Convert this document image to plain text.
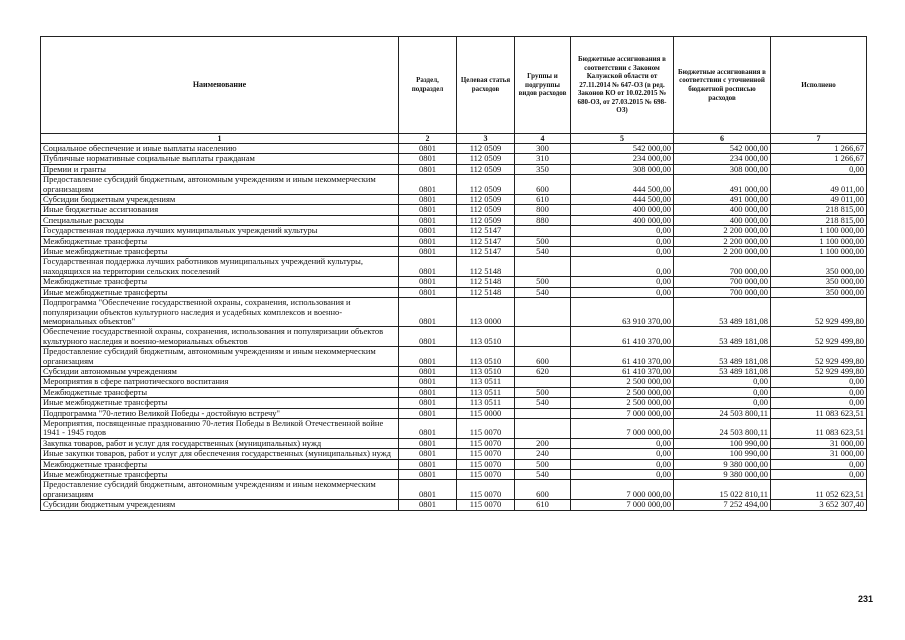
Наименование	Раздел, подраздел	Целевая статья расходов	Группы и подгруппы видов расходов	Бюджетные ассигнования в соответствии с Законом Калужской области от 27.11.2014 № 647-ОЗ (в ред. Законов КО от 10.02.2015 № 680-ОЗ, от 27.03.2015 № 698-ОЗ)	Бюджетные ассигнования в соответствии с уточненной бюджетной росписью расходов	Исполнено
1	2	3	4	5	6	7
Социальное обеспечение и иные выплаты населению	0801	112 0509	300	542 000,00	542 000,00	1 266,67
Публичные нормативные социальные выплаты гражданам	0801	112 0509	310	234 000,00	234 000,00	1 266,67
Премии и гранты	0801	112 0509	350	308 000,00	308 000,00	0,00
Предоставление субсидий бюджетным, автономным учреждениям и иным некоммерческим организациям	0801	112 0509	600	444 500,00	491 000,00	49 011,00
Субсидии бюджетным учреждениям	0801	112 0509	610	444 500,00	491 000,00	49 011,00
Иные бюджетные ассигнования	0801	112 0509	800	400 000,00	400 000,00	218 815,00
Специальные расходы	0801	112 0509	880	400 000,00	400 000,00	218 815,00
Государственная поддержка лучших муниципальных учреждений культуры	0801	112 5147		0,00	2 200 000,00	1 100 000,00
Межбюджетные трансферты	0801	112 5147	500	0,00	2 200 000,00	1 100 000,00
Иные межбюджетные трансферты	0801	112 5147	540	0,00	2 200 000,00	1 100 000,00
Государственная поддержка лучших работников муниципальных учреждений культуры, находящихся на территории сельских поселений	0801	112 5148		0,00	700 000,00	350 000,00
Межбюджетные трансферты	0801	112 5148	500	0,00	700 000,00	350 000,00
Иные межбюджетные трансферты	0801	112 5148	540	0,00	700 000,00	350 000,00
Подпрограмма "Обеспечение государственной охраны, сохранения, использования и популяризации объектов культурного наследия и усадебных комплексов и военно-мемориальных объектов"	0801	113 0000		63 910 370,00	53 489 181,08	52 929 499,80
Обеспечение государственной охраны, сохранения, использования и популяризации объектов культурного наследия и военно-мемориальных объектов	0801	113 0510		61 410 370,00	53 489 181,08	52 929 499,80
Предоставление субсидий бюджетным, автономным учреждениям и иным некоммерческим организациям	0801	113 0510	600	61 410 370,00	53 489 181,08	52 929 499,80
Субсидии автономным учреждениям	0801	113 0510	620	61 410 370,00	53 489 181,08	52 929 499,80
Мероприятия в сфере патриотического воспитания	0801	113 0511		2 500 000,00	0,00	0,00
Межбюджетные трансферты	0801	113 0511	500	2 500 000,00	0,00	0,00
Иные межбюджетные трансферты	0801	113 0511	540	2 500 000,00	0,00	0,00
Подпрограмма "70-летию Великой Победы - достойную встречу"	0801	115 0000		7 000 000,00	24 503 800,11	11 083 623,51
Мероприятия, посвященные празднованию 70-летия Победы в Великой Отечественной войне 1941 - 1945 годов	0801	115 0070		7 000 000,00	24 503 800,11	11 083 623,51
Закупка товаров, работ и услуг для государственных (муниципальных) нужд	0801	115 0070	200	0,00	100 990,00	31 000,00
Иные закупки товаров, работ и услуг для обеспечения государственных (муниципальных) нужд	0801	115 0070	240	0,00	100 990,00	31 000,00
Межбюджетные трансферты	0801	115 0070	500	0,00	9 380 000,00	0,00
Иные межбюджетные трансферты	0801	115 0070	540	0,00	9 380 000,00	0,00
Предоставление субсидий бюджетным, автономным учреждениям и иным некоммерческим организациям	0801	115 0070	600	7 000 000,00	15 022 810,11	11 052 623,51
Субсидии бюджетным учреждениям	0801	115 0070	610	7 000 000,00	7 252 494,00	3 652 307,40
231
